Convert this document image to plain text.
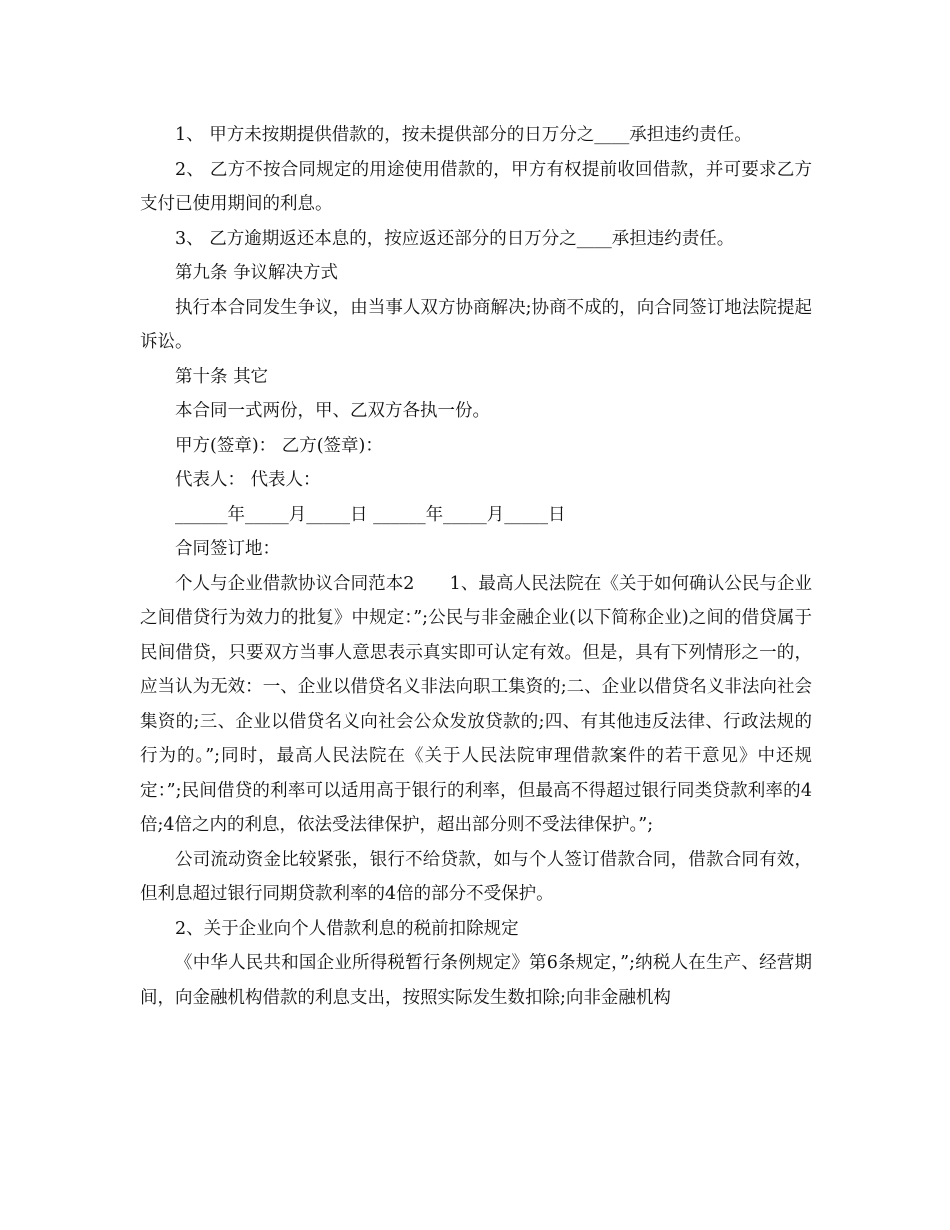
1、 甲方未按期提供借款的，按未提供部分的日万分之____承担违约责任。

2、 乙方不按合同规定的用途使用借款的，甲方有权提前收回借款，并可要求乙方支付已使用期间的利息。

3、 乙方逾期返还本息的，按应返还部分的日万分之____承担违约责任。

第九条 争议解决方式

执行本合同发生争议，由当事人双方协商解决;协商不成的，向合同签订地法院提起诉讼。

第十条 其它

本合同一式两份，甲、乙双方各执一份。

甲方(签章)： 乙方(签章)：

代表人： 代表人：

______年_____月_____日 ______年_____月_____日

合同签订地：

个人与企业借款协议合同范本2　　1、最高人民法院在《关于如何确认公民与企业之间借贷行为效力的批复》中规定：”;公民与非金融企业(以下简称企业)之间的借贷属于民间借贷，只要双方当事人意思表示真实即可认定有效。但是，具有下列情形之一的，应当认为无效：一、企业以借贷名义非法向职工集资的;二、企业以借贷名义非法向社会集资的;三、企业以借贷名义向社会公众发放贷款的;四、有其他违反法律、行政法规的行为的。”;同时，最高人民法院在《关于人民法院审理借款案件的若干意见》中还规定：”;民间借贷的利率可以适用高于银行的利率，但最高不得超过银行同类贷款利率的4倍;4倍之内的利息，依法受法律保护，超出部分则不受法律保护。”;

公司流动资金比较紧张，银行不给贷款，如与个人签订借款合同，借款合同有效，但利息超过银行同期贷款利率的4倍的部分不受保护。

2、关于企业向个人借款利息的税前扣除规定

《中华人民共和国企业所得税暂行条例规定》第6条规定，”;纳税人在生产、经营期间，向金融机构借款的利息支出，按照实际发生数扣除;向非金融机构
